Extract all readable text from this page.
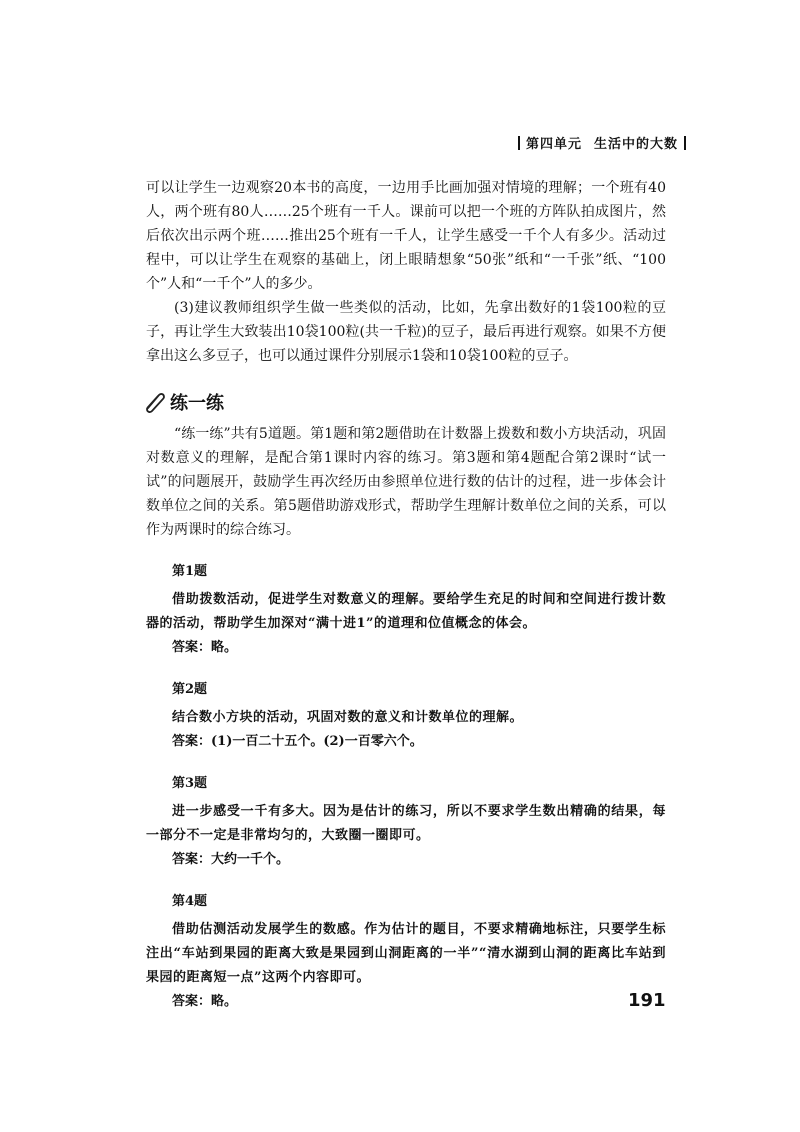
第四单元 生活中的大数

可以让学生一边观察20本书的高度，一边用手比画加强对情境的理解；一个班有40人，两个班有80人……25个班有一千人。课前可以把一个班的方阵队拍成图片，然后依次出示两个班……推出25个班有一千人，让学生感受一千个人有多少。活动过程中，可以让学生在观察的基础上，闭上眼睛想象“50张”纸和“一千张”纸、“100个”人和“一千个”人的多少。

(3)建议教师组织学生做一些类似的活动，比如，先拿出数好的1袋100粒的豆子，再让学生大致装出10袋100粒(共一千粒)的豆子，最后再进行观察。如果不方便拿出这么多豆子，也可以通过课件分别展示1袋和10袋100粒的豆子。

练一练

“练一练”共有5道题。第1题和第2题借助在计数器上拨数和数小方块活动，巩固对数意义的理解，是配合第1课时内容的练习。第3题和第4题配合第2课时“试一试”的问题展开，鼓励学生再次经历由参照单位进行数的估计的过程，进一步体会计数单位之间的关系。第5题借助游戏形式，帮助学生理解计数单位之间的关系，可以作为两课时的综合练习。

第1题

借助拨数活动，促进学生对数意义的理解。要给学生充足的时间和空间进行拨计数器的活动，帮助学生加深对“满十进1”的道理和位值概念的体会。

答案：略。

第2题

结合数小方块的活动，巩固对数的意义和计数单位的理解。

答案：(1)一百二十五个。(2)一百零六个。

第3题

进一步感受一千有多大。因为是估计的练习，所以不要求学生数出精确的结果，每一部分不一定是非常均匀的，大致圈一圈即可。

答案：大约一千个。

第4题

借助估测活动发展学生的数感。作为估计的题目，不要求精确地标注，只要学生标注出“车站到果园的距离大致是果园到山洞距离的一半”“清水湖到山洞的距离比车站到果园的距离短一点”这两个内容即可。

答案：略。	191
